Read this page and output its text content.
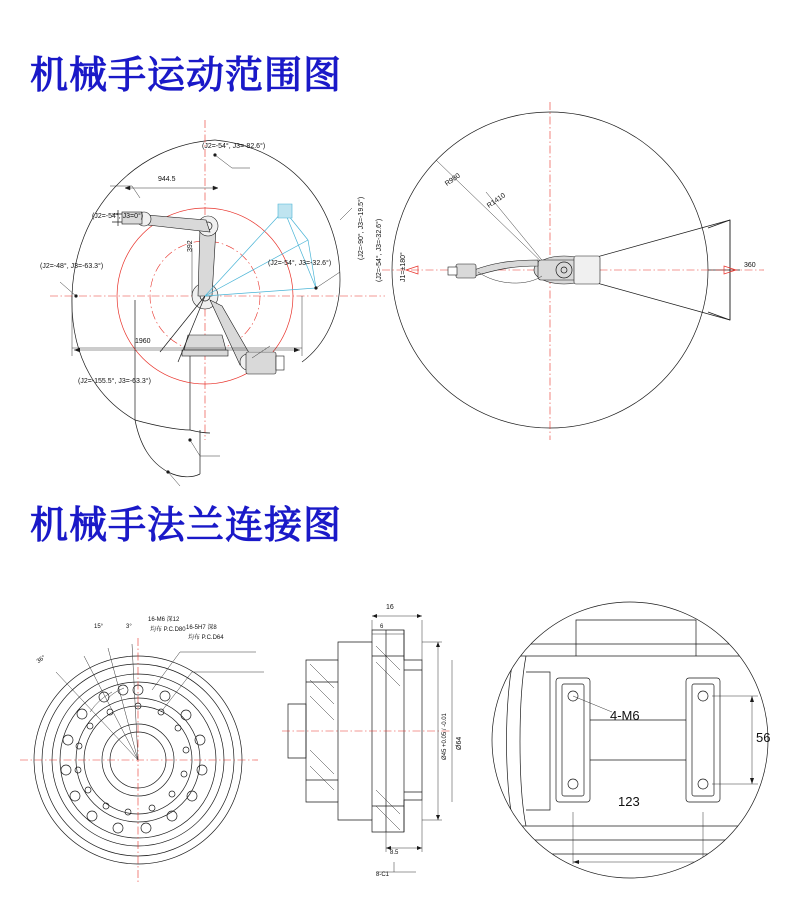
机械手运动范围图
(J2=-54°, J3=-82.6°)
944.5
(J2=-54°, J3=0°)	(J2=-90°, J3=-19.5°) (J2=-54°, J3=-32.6°)
(J2=-54°, J3=-32.6°)
(J2=-48°, J3=-63.3°)
392
1960
(J2=-155.5°, J3=-63.3°)
R1410
R980
J1=±180°	360
机械手法兰连接图
36°
15°	3°
16-M6 深12
均布 P.C.D80 16-5H7 深8
均布 P.C.D64
16
6
Ø64
Ø45 +0.05 / -0.01
8.5
8-C1
4-M6
56
123
